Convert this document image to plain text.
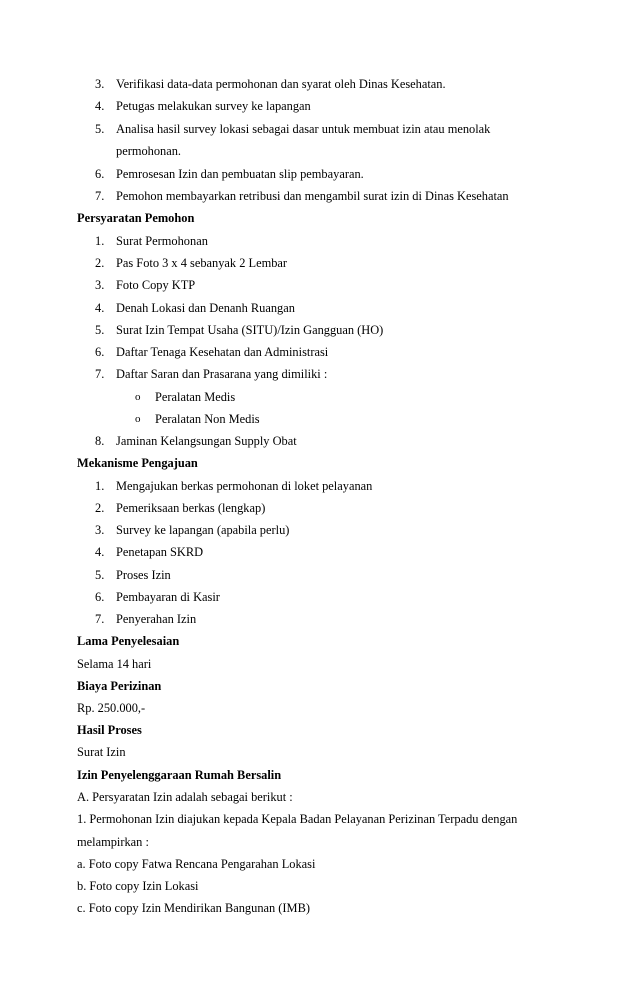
3. Verifikasi data-data permohonan dan syarat oleh Dinas Kesehatan.
4. Petugas melakukan survey ke lapangan
5. Analisa hasil survey lokasi sebagai dasar untuk membuat izin atau menolak
permohonan.
6. Pemrosesan Izin dan pembuatan slip pembayaran.
7. Pemohon membayarkan retribusi dan mengambil surat izin di Dinas Kesehatan
Persyaratan Pemohon
1. Surat Permohonan
2. Pas Foto 3 x 4 sebanyak 2 Lembar
3. Foto Copy KTP
4. Denah Lokasi dan Denanh Ruangan
5. Surat Izin Tempat Usaha (SITU)/Izin Gangguan (HO)
6. Daftar Tenaga Kesehatan dan Administrasi
7. Daftar Saran dan Prasarana yang dimiliki :
o Peralatan Medis
o Peralatan Non Medis
8. Jaminan Kelangsungan Supply Obat
Mekanisme Pengajuan
1. Mengajukan berkas permohonan di loket pelayanan
2. Pemeriksaan berkas (lengkap)
3. Survey ke lapangan (apabila perlu)
4. Penetapan SKRD
5. Proses Izin
6. Pembayaran di Kasir
7. Penyerahan Izin
Lama Penyelesaian
Selama 14 hari
Biaya Perizinan
Rp. 250.000,-
Hasil Proses
Surat Izin
Izin Penyelenggaraan Rumah Bersalin
A. Persyaratan Izin adalah sebagai berikut :
1. Permohonan Izin diajukan kepada Kepala Badan Pelayanan Perizinan Terpadu dengan
melampirkan :
a. Foto copy Fatwa Rencana Pengarahan Lokasi
b. Foto copy Izin Lokasi
c. Foto copy Izin Mendirikan Bangunan (IMB)
